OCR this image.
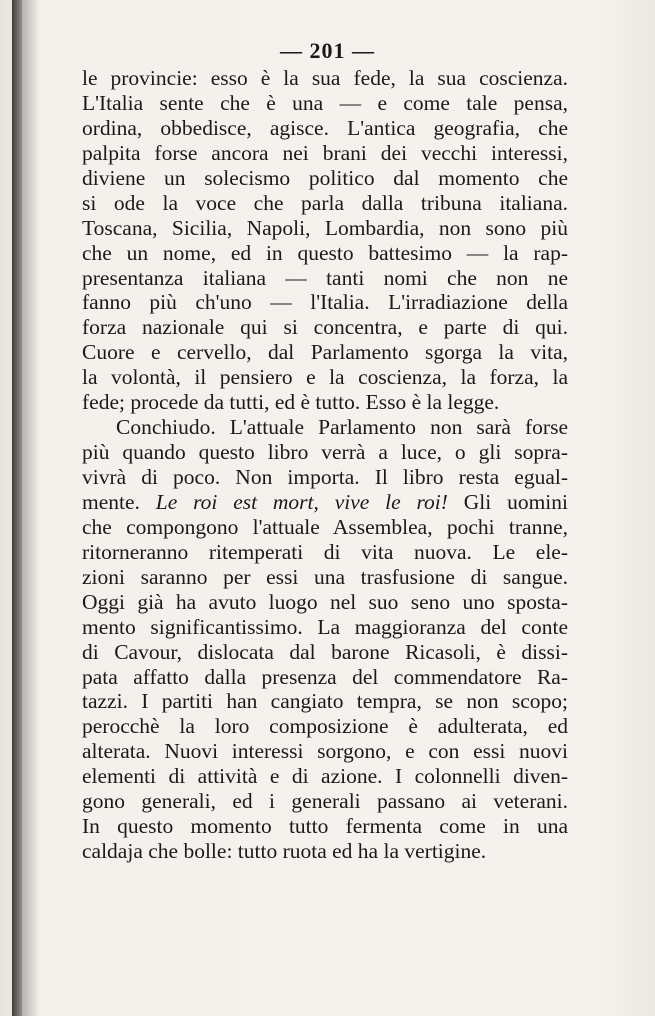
— 201 —
le provincie: esso è la sua fede, la sua coscienza.
L'Italia sente che è una — e come tale pensa,
ordina, obbedisce, agisce. L'antica geografia, che
palpita forse ancora nei brani dei vecchi interessi,
diviene un solecismo politico dal momento che
si ode la voce che parla dalla tribuna italiana.
Toscana, Sicilia, Napoli, Lombardia, non sono più
che un nome, ed in questo battesimo — la rap-
presentanza italiana — tanti nomi che non ne
fanno più ch'uno — l'Italia. L'irradiazione della
forza nazionale qui si concentra, e parte di qui.
Cuore e cervello, dal Parlamento sgorga la vita,
la volontà, il pensiero e la coscienza, la forza, la
fede; procede da tutti, ed è tutto. Esso è la legge.
Conchiudo. L'attuale Parlamento non sarà forse
più quando questo libro verrà a luce, o gli sopra-
vivrà di poco. Non importa. Il libro resta egual-
mente. Le roi est mort, vive le roi! Gli uomini
che compongono l'attuale Assemblea, pochi tranne,
ritorneranno ritemperati di vita nuova. Le ele-
zioni saranno per essi una trasfusione di sangue.
Oggi già ha avuto luogo nel suo seno uno sposta-
mento significantissimo. La maggioranza del conte
di Cavour, dislocata dal barone Ricasoli, è dissi-
pata affatto dalla presenza del commendatore Ra-
tazzi. I partiti han cangiato tempra, se non scopo;
perocchè la loro composizione è adulterata, ed
alterata. Nuovi interessi sorgono, e con essi nuovi
elementi di attività e di azione. I colonnelli diven-
gono generali, ed i generali passano ai veterani.
In questo momento tutto fermenta come in una
caldaja che bolle: tutto ruota ed ha la vertigine.
